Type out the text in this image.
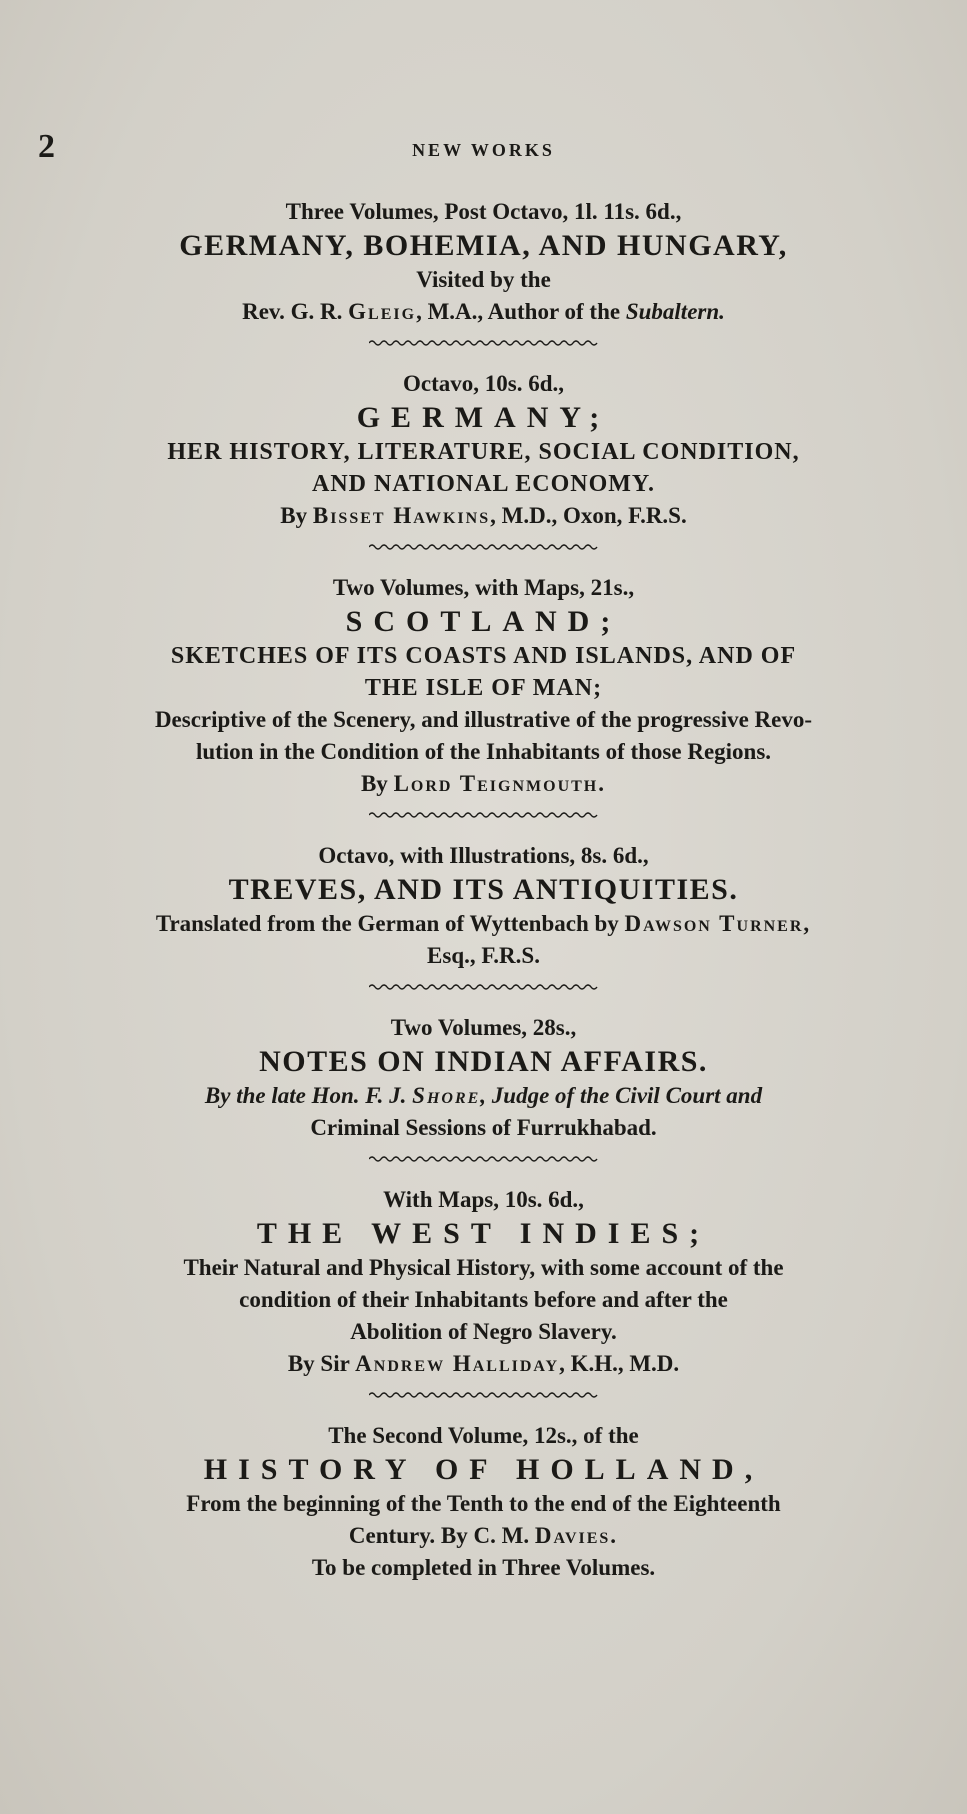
2	NEW WORKS
Three Volumes, Post Octavo, 1l. 11s. 6d.,
GERMANY, BOHEMIA, AND HUNGARY,
Visited by the
Rev. G. R. Gleig, M.A., Author of the Subaltern.
Octavo, 10s. 6d.,
GERMANY;
HER HISTORY, LITERATURE, SOCIAL CONDITION,
AND NATIONAL ECONOMY.
By Bisset Hawkins, M.D., Oxon, F.R.S.
Two Volumes, with Maps, 21s.,
SCOTLAND;
SKETCHES OF ITS COASTS AND ISLANDS, AND OF
THE ISLE OF MAN;
Descriptive of the Scenery, and illustrative of the progressive Revo-
lution in the Condition of the Inhabitants of those Regions.
By Lord Teignmouth.
Octavo, with Illustrations, 8s. 6d.,
TREVES, AND ITS ANTIQUITIES.
Translated from the German of Wyttenbach by Dawson Turner,
Esq., F.R.S.
Two Volumes, 28s.,
NOTES ON INDIAN AFFAIRS.
By the late Hon. F. J. Shore, Judge of the Civil Court and
Criminal Sessions of Furrukhabad.
With Maps, 10s. 6d.,
THE WEST INDIES;
Their Natural and Physical History, with some account of the
condition of their Inhabitants before and after the
Abolition of Negro Slavery.
By Sir Andrew Halliday, K.H., M.D.
The Second Volume, 12s., of the
HISTORY OF HOLLAND,
From the beginning of the Tenth to the end of the Eighteenth
Century. By C. M. Davies.
To be completed in Three Volumes.
